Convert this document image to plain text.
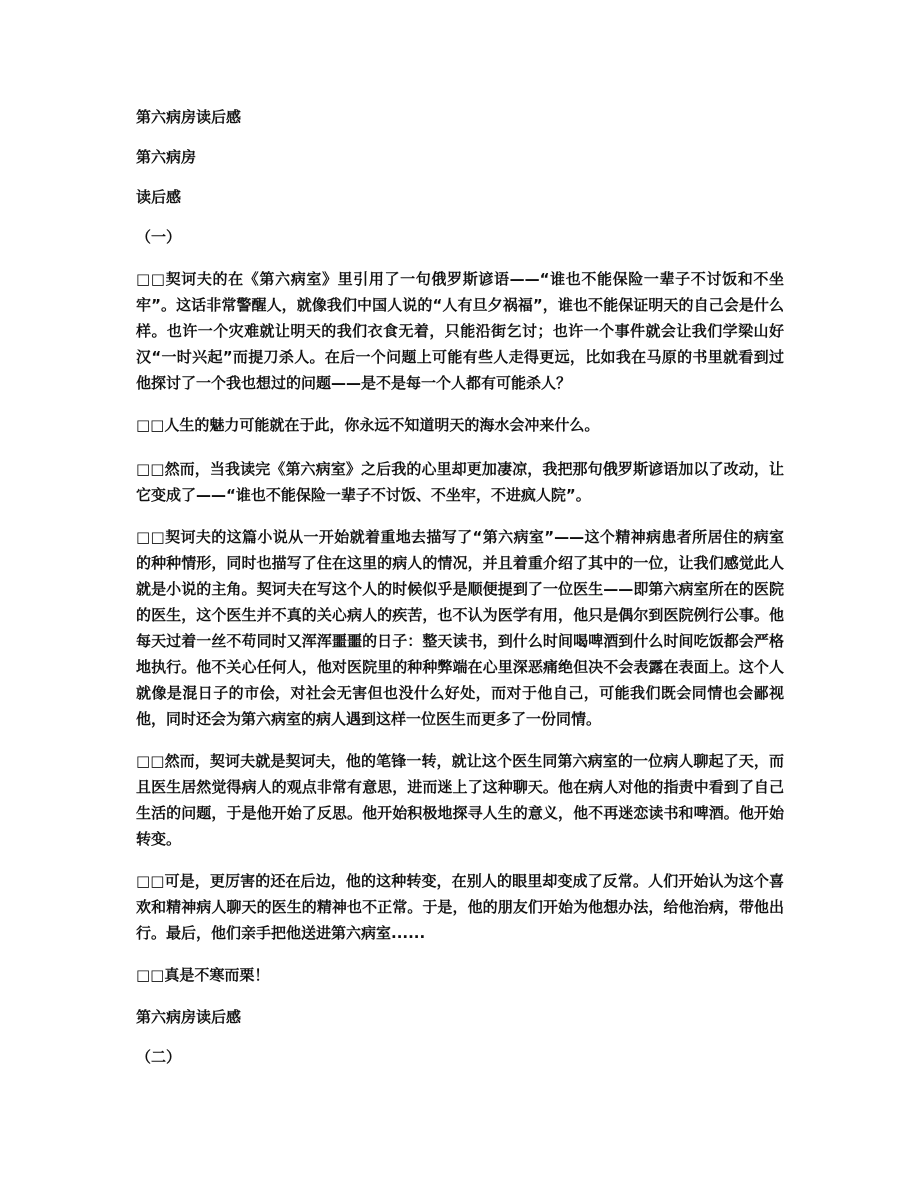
第六病房读后感
第六病房
读后感
（一）

□□契诃夫的在《第六病室》里引用了一句俄罗斯谚语——“谁也不能保险一辈子不讨饭和不坐牢”。这话非常警醒人，就像我们中国人说的“人有旦夕祸福”，谁也不能保证明天的自己会是什么样。也许一个灾难就让明天的我们衣食无着，只能沿街乞讨；也许一个事件就会让我们学梁山好汉“一时兴起”而提刀杀人。在后一个问题上可能有些人走得更远，比如我在马原的书里就看到过他探讨了一个我也想过的问题——是不是每一个人都有可能杀人？

□□人生的魅力可能就在于此，你永远不知道明天的海水会冲来什么。

□□然而，当我读完《第六病室》之后我的心里却更加凄凉，我把那句俄罗斯谚语加以了改动，让它变成了——“谁也不能保险一辈子不讨饭、不坐牢，不进疯人院”。

□□契诃夫的这篇小说从一开始就着重地去描写了“第六病室”——这个精神病患者所居住的病室的种种情形，同时也描写了住在这里的病人的情况，并且着重介绍了其中的一位，让我们感觉此人就是小说的主角。契诃夫在写这个人的时候似乎是顺便提到了一位医生——即第六病室所在的医院的医生，这个医生并不真的关心病人的疾苦，也不认为医学有用，他只是偶尔到医院例行公事。他每天过着一丝不苟同时又浑浑噩噩的日子：整天读书，到什么时间喝啤酒到什么时间吃饭都会严格地执行。他不关心任何人，他对医院里的种种弊端在心里深恶痛绝但决不会表露在表面上。这个人就像是混日子的市侩，对社会无害但也没什么好处，而对于他自己，可能我们既会同情也会鄙视他，同时还会为第六病室的病人遇到这样一位医生而更多了一份同情。

□□然而，契诃夫就是契诃夫，他的笔锋一转，就让这个医生同第六病室的一位病人聊起了天，而且医生居然觉得病人的观点非常有意思，进而迷上了这种聊天。他在病人对他的指责中看到了自己生活的问题，于是他开始了反思。他开始积极地探寻人生的意义，他不再迷恋读书和啤酒。他开始转变。

□□可是，更厉害的还在后边，他的这种转变，在别人的眼里却变成了反常。人们开始认为这个喜欢和精神病人聊天的医生的精神也不正常。于是，他的朋友们开始为他想办法，给他治病，带他出行。最后，他们亲手把他送进第六病室......

□□真是不寒而栗！

第六病房读后感
（二）
